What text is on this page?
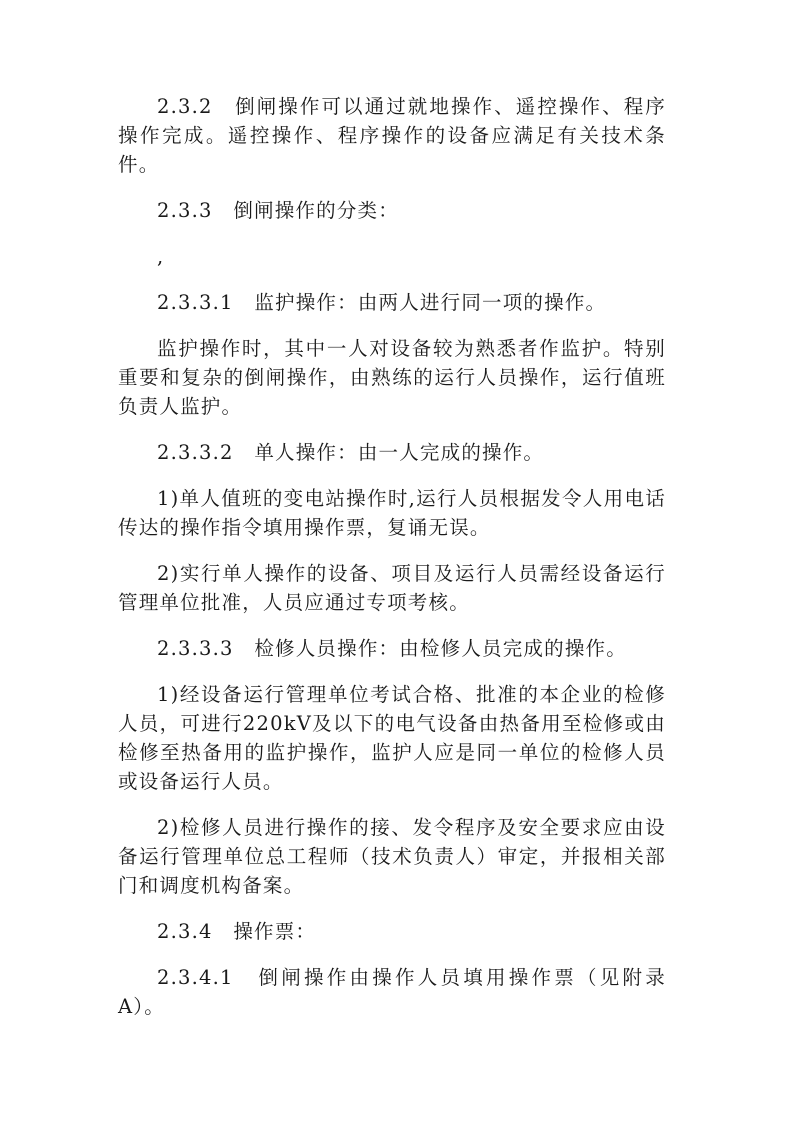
2.3.2　倒闸操作可以通过就地操作、遥控操作、程序操作完成。遥控操作、程序操作的设备应满足有关技术条件。

2.3.3　倒闸操作的分类：

,

2.3.3.1　监护操作：由两人进行同一项的操作。

监护操作时，其中一人对设备较为熟悉者作监护。特别重要和复杂的倒闸操作，由熟练的运行人员操作，运行值班负责人监护。

2.3.3.2　单人操作：由一人完成的操作。

1)单人值班的变电站操作时,运行人员根据发令人用电话传达的操作指令填用操作票，复诵无误。

2)实行单人操作的设备、项目及运行人员需经设备运行管理单位批准，人员应通过专项考核。

2.3.3.3　检修人员操作：由检修人员完成的操作。

1)经设备运行管理单位考试合格、批准的本企业的检修人员，可进行220kV及以下的电气设备由热备用至检修或由检修至热备用的监护操作，监护人应是同一单位的检修人员或设备运行人员。

2)检修人员进行操作的接、发令程序及安全要求应由设备运行管理单位总工程师（技术负责人）审定，并报相关部门和调度机构备案。

2.3.4　操作票：

2.3.4.1　倒闸操作由操作人员填用操作票（见附录A）。
